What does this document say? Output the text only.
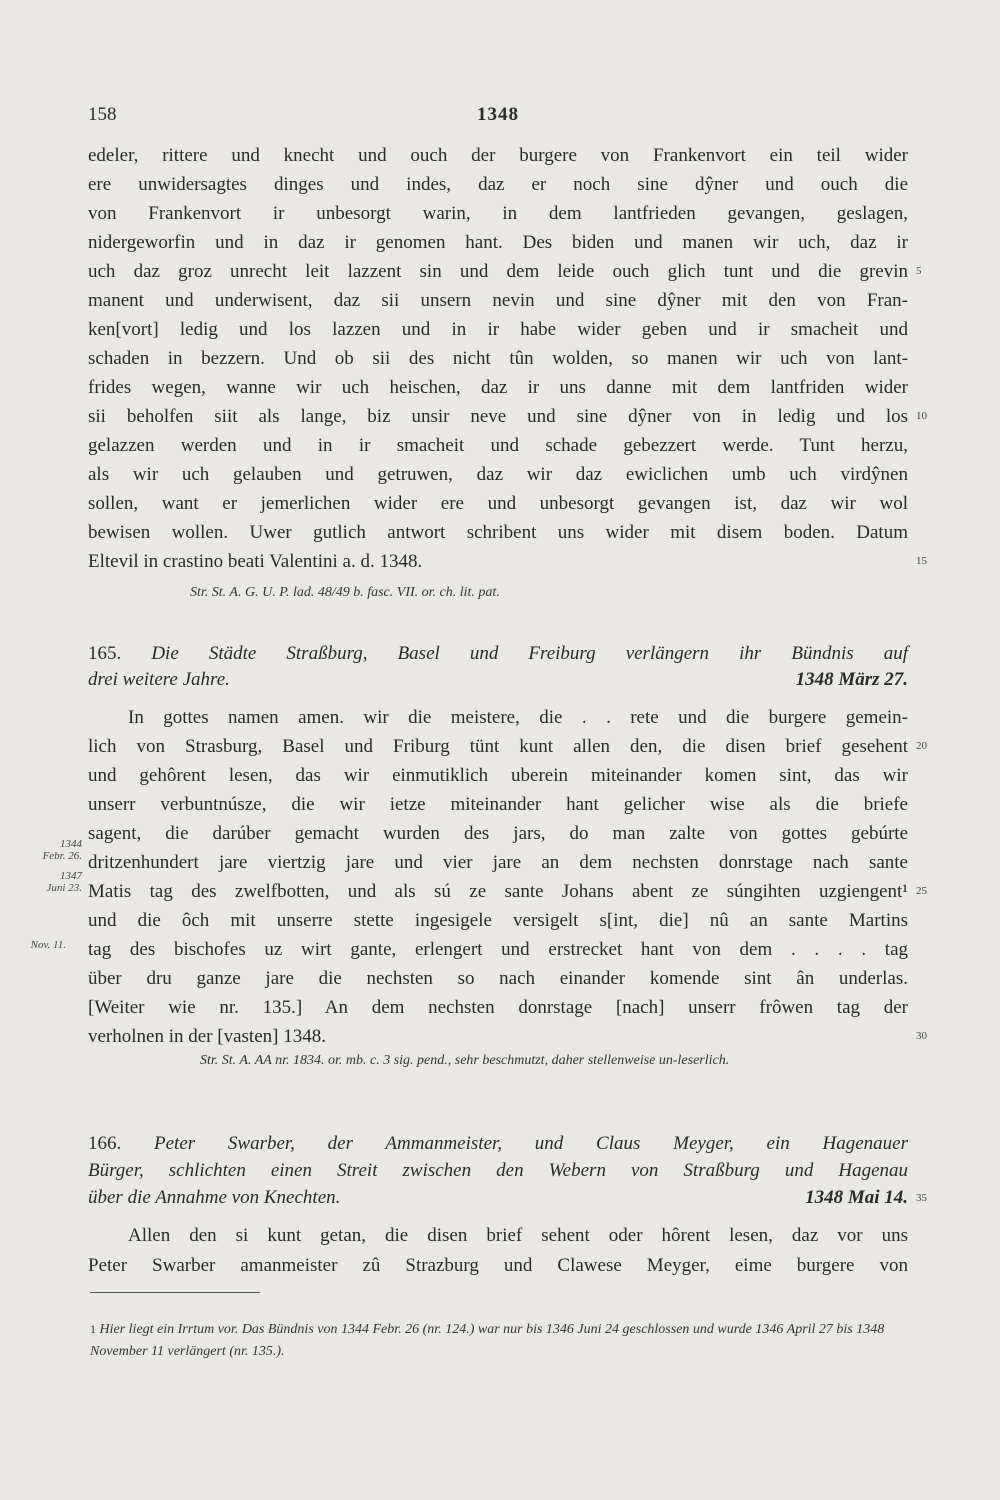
158	1348
edeler, rittere und knecht und ouch der burgere von Frankenvort ein teil wider
ere unwidersagtes dinges und indes, daz er noch sine dŷner und ouch die
von Frankenvort ir unbesorgt warin, in dem lantfrieden gevangen, geslagen,
nidergeworfin und in daz ir genomen hant. Des biden und manen wir uch, daz ir
uch daz groz unrecht leit lazzent sin und dem leide ouch glich tunt und die grevin
manent und underwisent, daz sii unsern nevin und sine dŷner mit den von Fran-
ken[vort] ledig und los lazzen und in ir habe wider geben und ir smacheit und
schaden in bezzern. Und ob sii des nicht tûn wolden, so manen wir uch von lant-
frides wegen, wanne wir uch heischen, daz ir uns danne mit dem lantfriden wider
sii beholfen siit als lange, biz unsir neve und sine dŷner von in ledig und los
gelazzen werden und in ir smacheit und schade gebezzert werde. Tunt herzu,
als wir uch gelauben und getruwen, daz wir daz ewiclichen umb uch virdŷnen
sollen, want er jemerlichen wider ere und unbesorgt gevangen ist, daz wir wol
bewisen wollen. Uwer gutlich antwort schribent uns wider mit disem boden. Datum
Eltevil in crastino beati Valentini a. d. 1348.
Str. St. A. G. U. P. lad. 48/49 b. fasc. VII. or. ch. lit. pat.
165. Die Städte Straßburg, Basel und Freiburg verlängern ihr Bündnis auf
drei weitere Jahre.	1348 März 27.
In gottes namen amen. wir die meistere, die . . rete und die burgere gemein-
lich von Strasburg, Basel und Friburg tünt kunt allen den, die disen brief gesehent
und gehôrent lesen, das wir einmutiklich uberein miteinander komen sint, das wir
unserr verbuntnúsze, die wir ietze miteinander hant gelicher wise als die briefe
sagent, die darúber gemacht wurden des jars, do man zalte von gottes gebúrte
dritzenhundert jare viertzig jare und vier jare an dem nechsten donrstage nach sante
Matis tag des zwelfbotten, und als sú ze sante Johans abent ze súngihten uzgiengent¹
und die ôch mit unserre stette ingesigele versigelt s[int, die] nû an sante Martins
tag des bischofes uz wirt gante, erlengert und erstrecket hant von dem . . . . tag
über dru ganze jare die nechsten so nach einander komende sint ân underlas.
[Weiter wie nr. 135.] An dem nechsten donrstage [nach] unserr frôwen tag der
verholnen in der [vasten] 1348.
Str. St. A. AA nr. 1834. or. mb. c. 3 sig. pend., sehr beschmutzt, daher stellenweise un-leserlich.
1344
Febr. 26.
1347
Juni 23.
Nov. 11.
166. Peter Swarber, der Ammanmeister, und Claus Meyger, ein Hagenauer
Bürger, schlichten einen Streit zwischen den Webern von Straßburg und Hagenau
über die Annahme von Knechten.	1348 Mai 14.
Allen den si kunt getan, die disen brief sehent oder hôrent lesen, daz vor uns
Peter Swarber amanmeister zû Strazburg und Clawese Meyger, eime burgere von
5
10
15
20
25
30
35
1 Hier liegt ein Irrtum vor. Das Bündnis von 1344 Febr. 26 (nr. 124.) war nur bis 1346 Juni 24 geschlossen und wurde 1346 April 27 bis 1348 November 11 verlängert (nr. 135.).
